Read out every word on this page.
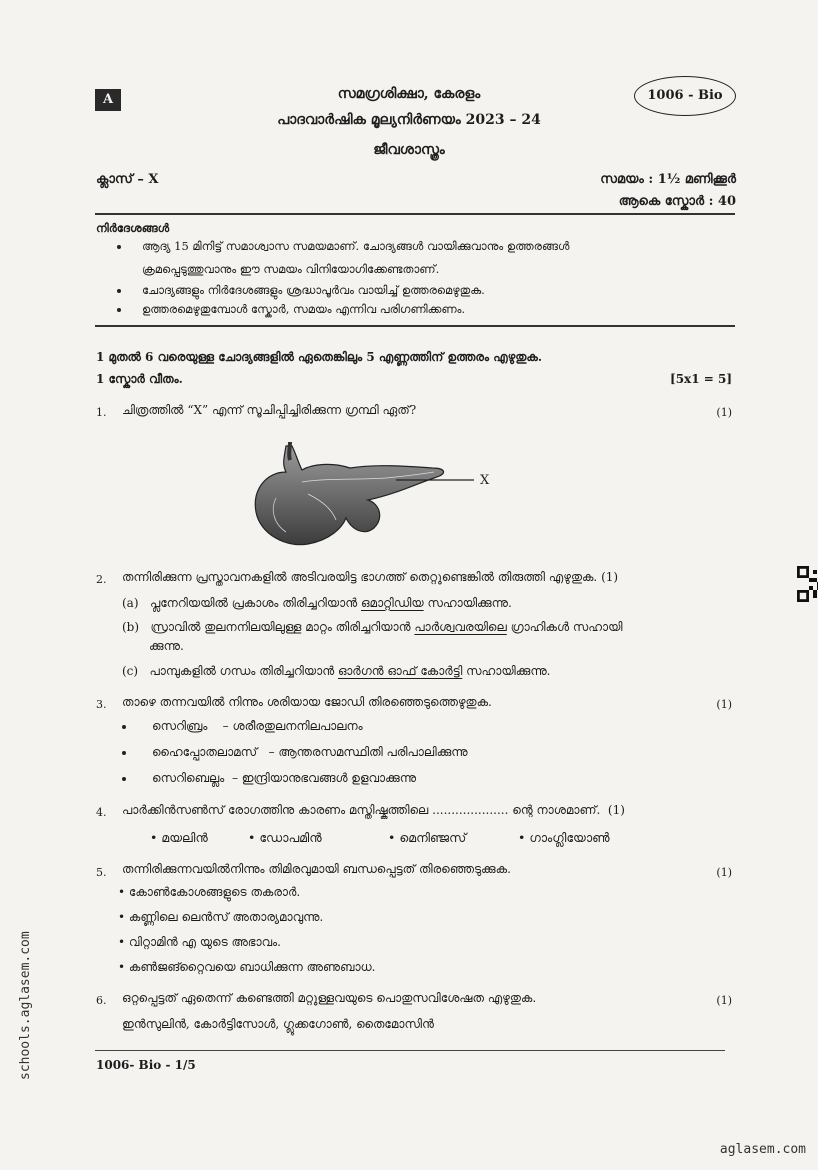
A	1006 - Bio
സമഗ്രശിക്ഷാ, കേരളം
പാദവാർഷിക മൂല്യനിർണയം 2023 – 24
ജീവശാസ്ത്രം
ക്ലാസ് – X	സമയം : 1½ മണിക്കൂർ
ആകെ സ്കോർ : 40
നിർദേശങ്ങൾ
ആദ്യ 15 മിനിട്ട് സമാശ്വാസ സമയമാണ്. ചോദ്യങ്ങൾ വായിക്കുവാനും ഉത്തരങ്ങൾ
ക്രമപ്പെടുത്തുവാനും ഈ സമയം വിനിയോഗിക്കേണ്ടതാണ്.
ചോദ്യങ്ങളും നിർദേശങ്ങളും ശ്രദ്ധാപൂർവം വായിച്ച് ഉത്തരമെഴുതുക.
ഉത്തരമെഴുതുമ്പോൾ സ്കോർ, സമയം എന്നിവ പരിഗണിക്കണം.
1 മുതൽ 6 വരെയുള്ള ചോദ്യങ്ങളിൽ ഏതെങ്കിലും 5 എണ്ണത്തിന് ഉത്തരം എഴുതുക.
1 സ്കോർ വീതം.	[5x1 = 5]
1. ചിത്രത്തിൽ “X” എന്ന് സൂചിപ്പിച്ചിരിക്കുന്ന ഗ്രന്ഥി ഏത്?	(1)
X
2. തന്നിരിക്കുന്ന പ്രസ്താവനകളിൽ അടിവരയിട്ട ഭാഗത്ത് തെറ്റുണ്ടെങ്കിൽ തിരുത്തി എഴുതുക. (1)
(a) പ്ലനേറിയയിൽ പ്രകാശം തിരിച്ചറിയാൻ ഒമാറ്റിഡിയ സഹായിക്കുന്നു.
(b) സ്രാവിൽ തുലനനിലയിലുള്ള മാറ്റം തിരിച്ചറിയാൻ പാർശ്വവരയിലെ ഗ്രാഹികൾ സഹായി
ക്കുന്നു.
(c) പാമ്പുകളിൽ ഗന്ധം തിരിച്ചറിയാൻ ഓർഗൻ ഓഫ് കോർട്ടി സഹായിക്കുന്നു.
3. താഴെ തന്നവയിൽ നിന്നും ശരിയായ ജോഡി തിരഞ്ഞെടുത്തെഴുതുക.	(1)
സെറിബ്രം    – ശരീരതുലനനിലപാലനം
ഹൈപ്പോതലാമസ്   – ആന്തരസമസ്ഥിതി പരിപാലിക്കുന്നു
സെറിബെല്ലം  – ഇന്ദ്രിയാനുഭവങ്ങൾ ഉളവാക്കുന്നു
4. പാർക്കിൻസൺസ് രോഗത്തിനു കാരണം മസ്തിഷ്കത്തിലെ .................... ന്റെ നാശമാണ്. (1)
• മയലിൻ	• ഡോപമിൻ	• മെനിഞ്ജസ്	• ഗാംഗ്ലിയോൺ
5. തന്നിരിക്കുന്നവയിൽനിന്നും തിമിരവുമായി ബന്ധപ്പെട്ടത് തിരഞ്ഞെടുക്കുക.	(1)
• കോൺകോശങ്ങളുടെ തകരാർ.
• കണ്ണിലെ ലെൻസ് അതാര്യമാവുന്നു.
• വിറ്റാമിൻ എ യുടെ അഭാവം.
• കൺജങ്റ്റൈവയെ ബാധിക്കുന്ന അണുബാധ.
6. ഒറ്റപ്പെട്ടത് ഏതെന്ന് കണ്ടെത്തി മറ്റുള്ളവയുടെ പൊതുസവിശേഷത എഴുതുക.	(1)
ഇൻസുലിൻ, കോർട്ടിസോൾ, ഗ്ലൂക്കഗോൺ, തൈമോസിൻ
1006- Bio - 1/5
schools.aglasem.com
aglasem.com
